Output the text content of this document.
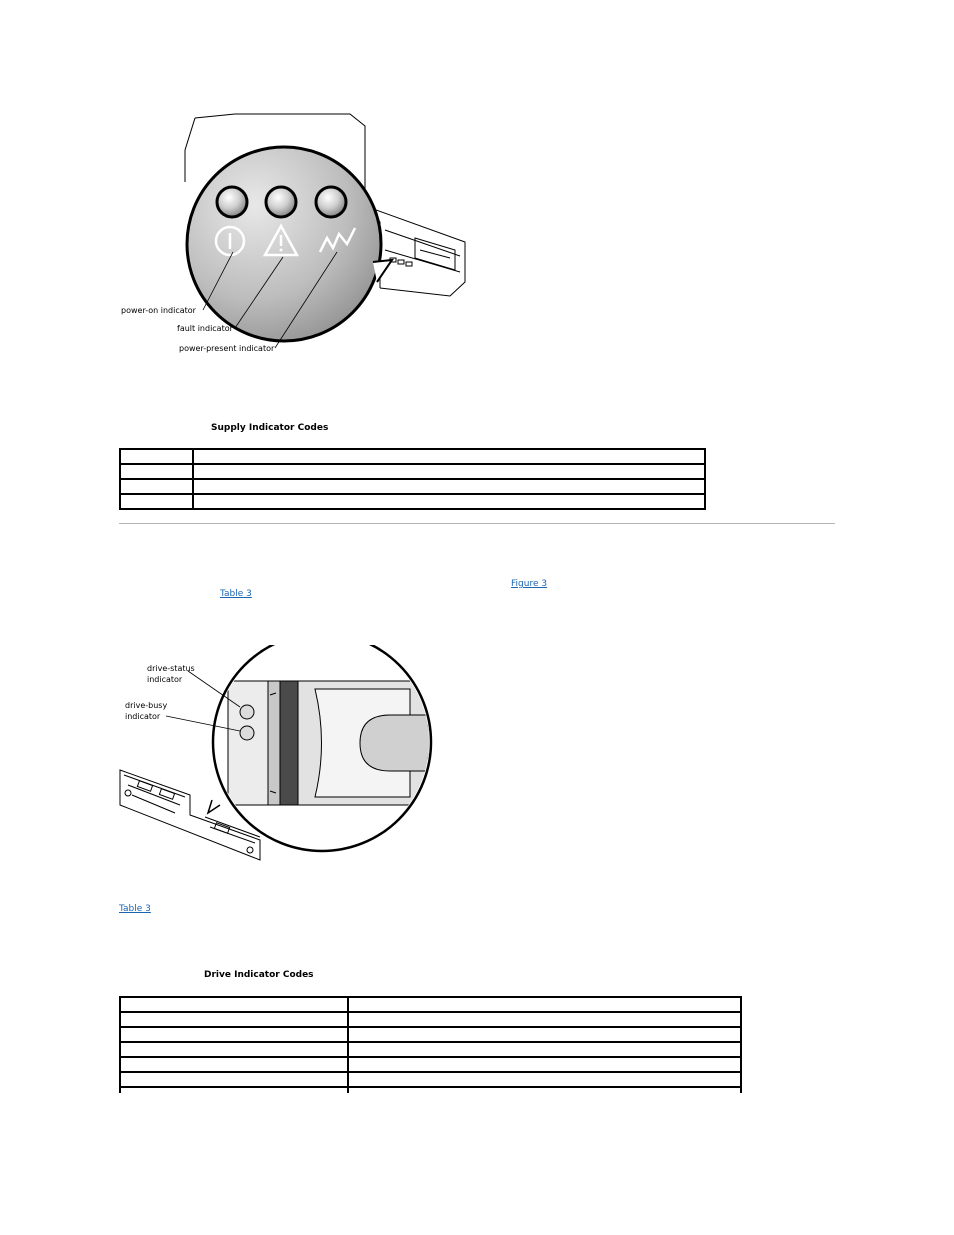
power-on indicator
fault indicator
power-present indicator
Supply Indicator Codes

Figure 3
Table 3
drive-status
indicator
drive-busy
indicator
Table 3
Drive Indicator Codes
